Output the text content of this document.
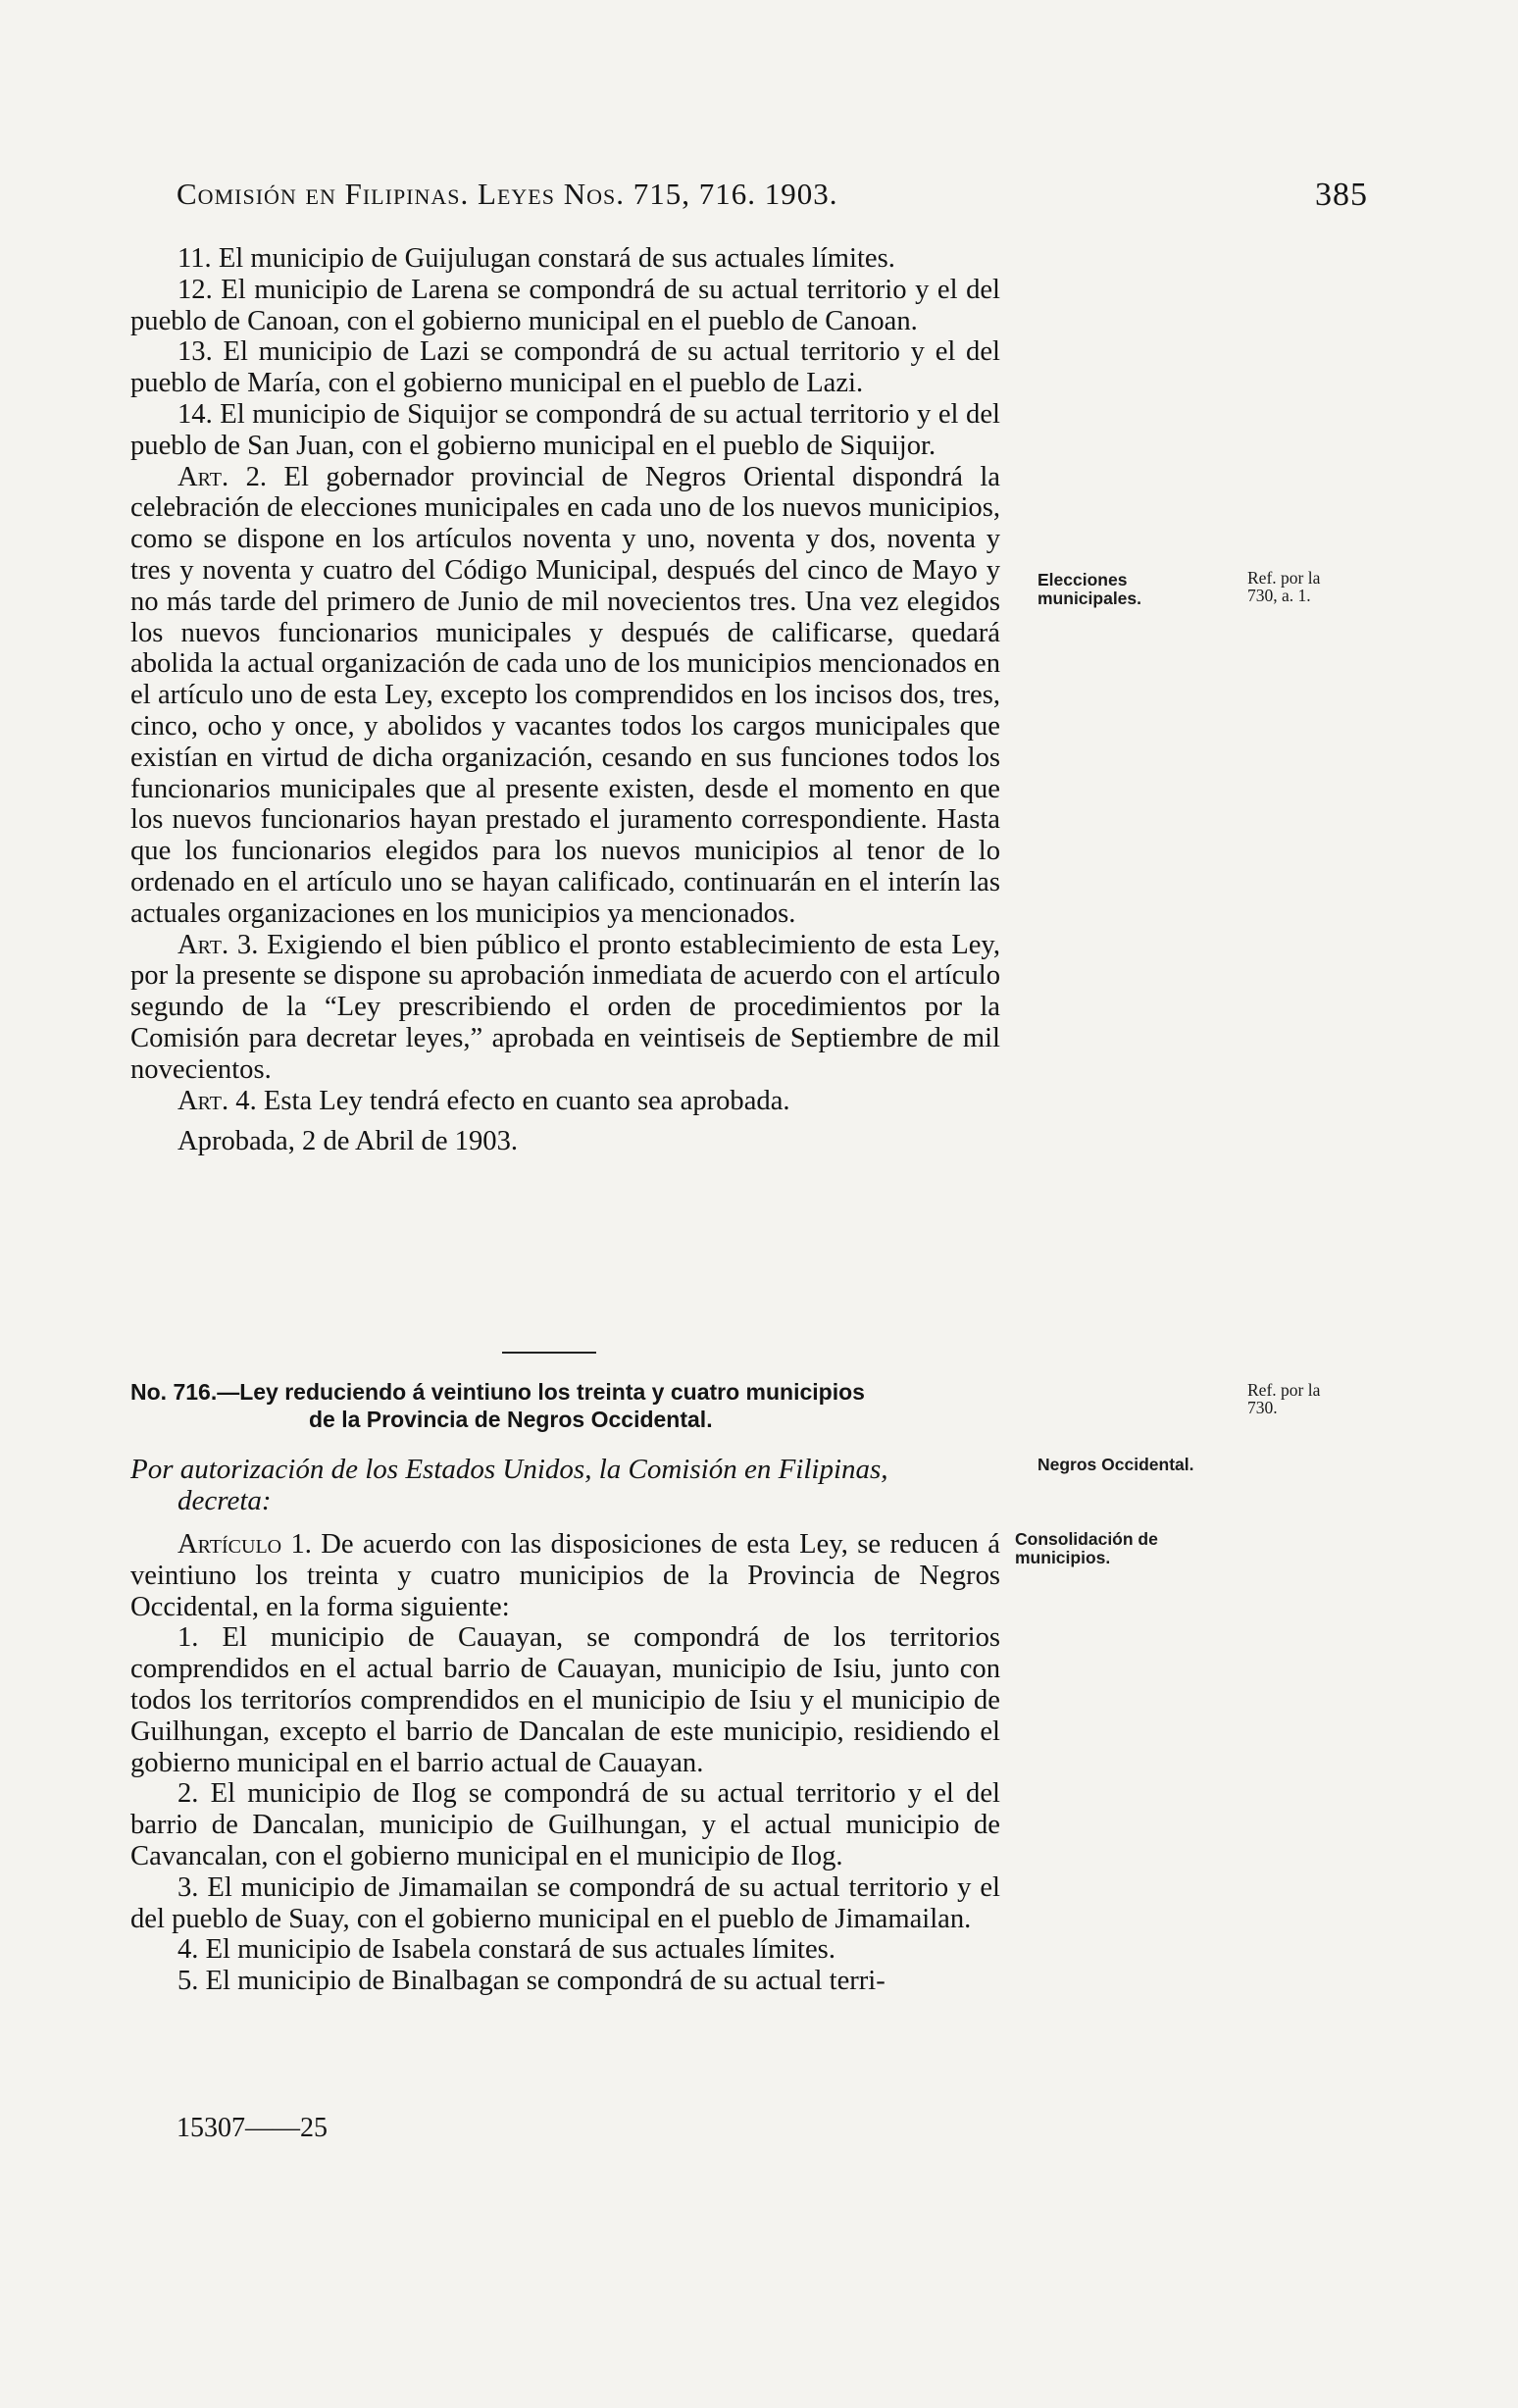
Comisión en Filipinas. Leyes Nos. 715, 716. 1903.	385

11. El municipio de Guijulugan constará de sus actuales límites.

12. El municipio de Larena se compondrá de su actual territorio y el del pueblo de Canoan, con el gobierno municipal en el pueblo de Canoan.

13. El municipio de Lazi se compondrá de su actual territorio y el del pueblo de María, con el gobierno municipal en el pueblo de Lazi.

14. El municipio de Siquijor se compondrá de su actual territorio y el del pueblo de San Juan, con el gobierno municipal en el pueblo de Siquijor.

Art. 2. El gobernador provincial de Negros Oriental dispondrá la celebración de elecciones municipales en cada uno de los nuevos municipios, como se dispone en los artículos noventa y uno, noventa y dos, noventa y tres y noventa y cuatro del Código Municipal, después del cinco de Mayo y no más tarde del primero de Junio de mil novecientos tres. Una vez elegidos los nuevos funcionarios municipales y después de calificarse, quedará abolida la actual organización de cada uno de los municipios mencionados en el artículo uno de esta Ley, excepto los comprendidos en los incisos dos, tres, cinco, ocho y once, y abolidos y vacantes todos los cargos municipales que existían en virtud de dicha organización, cesando en sus funciones todos los funcionarios municipales que al presente existen, desde el momento en que los nuevos funcionarios hayan prestado el juramento correspondiente. Hasta que los funcionarios elegidos para los nuevos municipios al tenor de lo ordenado en el artículo uno se hayan calificado, continuarán en el interín las actuales organizaciones en los municipios ya mencionados.

Art. 3. Exigiendo el bien público el pronto establecimiento de esta Ley, por la presente se dispone su aprobación inmediata de acuerdo con el artículo segundo de la “Ley prescribiendo el orden de procedimientos por la Comisión para decretar leyes,” aprobada en veintiseis de Septiembre de mil novecientos.

Art. 4. Esta Ley tendrá efecto en cuanto sea aprobada.

Aprobada, 2 de Abril de 1903.

No. 716.—Ley reduciendo á veintiuno los treinta y cuatro municipios
de la Provincia de Negros Occidental.
Por autorización de los Estados Unidos, la Comisión en Filipinas,
decreta:

Artículo 1. De acuerdo con las disposiciones de esta Ley, se reducen á veintiuno los treinta y cuatro municipios de la Provincia de Negros Occidental, en la forma siguiente:

1. El municipio de Cauayan, se compondrá de los territorios comprendidos en el actual barrio de Cauayan, municipio de Isiu, junto con todos los territoríos comprendidos en el municipio de Isiu y el municipio de Guilhungan, excepto el barrio de Dancalan de este municipio, residiendo el gobierno municipal en el barrio actual de Cauayan.

2. El municipio de Ilog se compondrá de su actual territorio y el del barrio de Dancalan, municipio de Guilhungan, y el actual municipio de Cavancalan, con el gobierno municipal en el municipio de Ilog.

3. El municipio de Jimamailan se compondrá de su actual territorio y el del pueblo de Suay, con el gobierno municipal en el pueblo de Jimamailan.

4. El municipio de Isabela constará de sus actuales límites.

5. El municipio de Binalbagan se compondrá de su actual terri-

Elecciones municipales.
Ref. por la 730, a. 1.
Ref. por la 730.
Negros Occidental.
Consolidación de municipios.
15307——25
